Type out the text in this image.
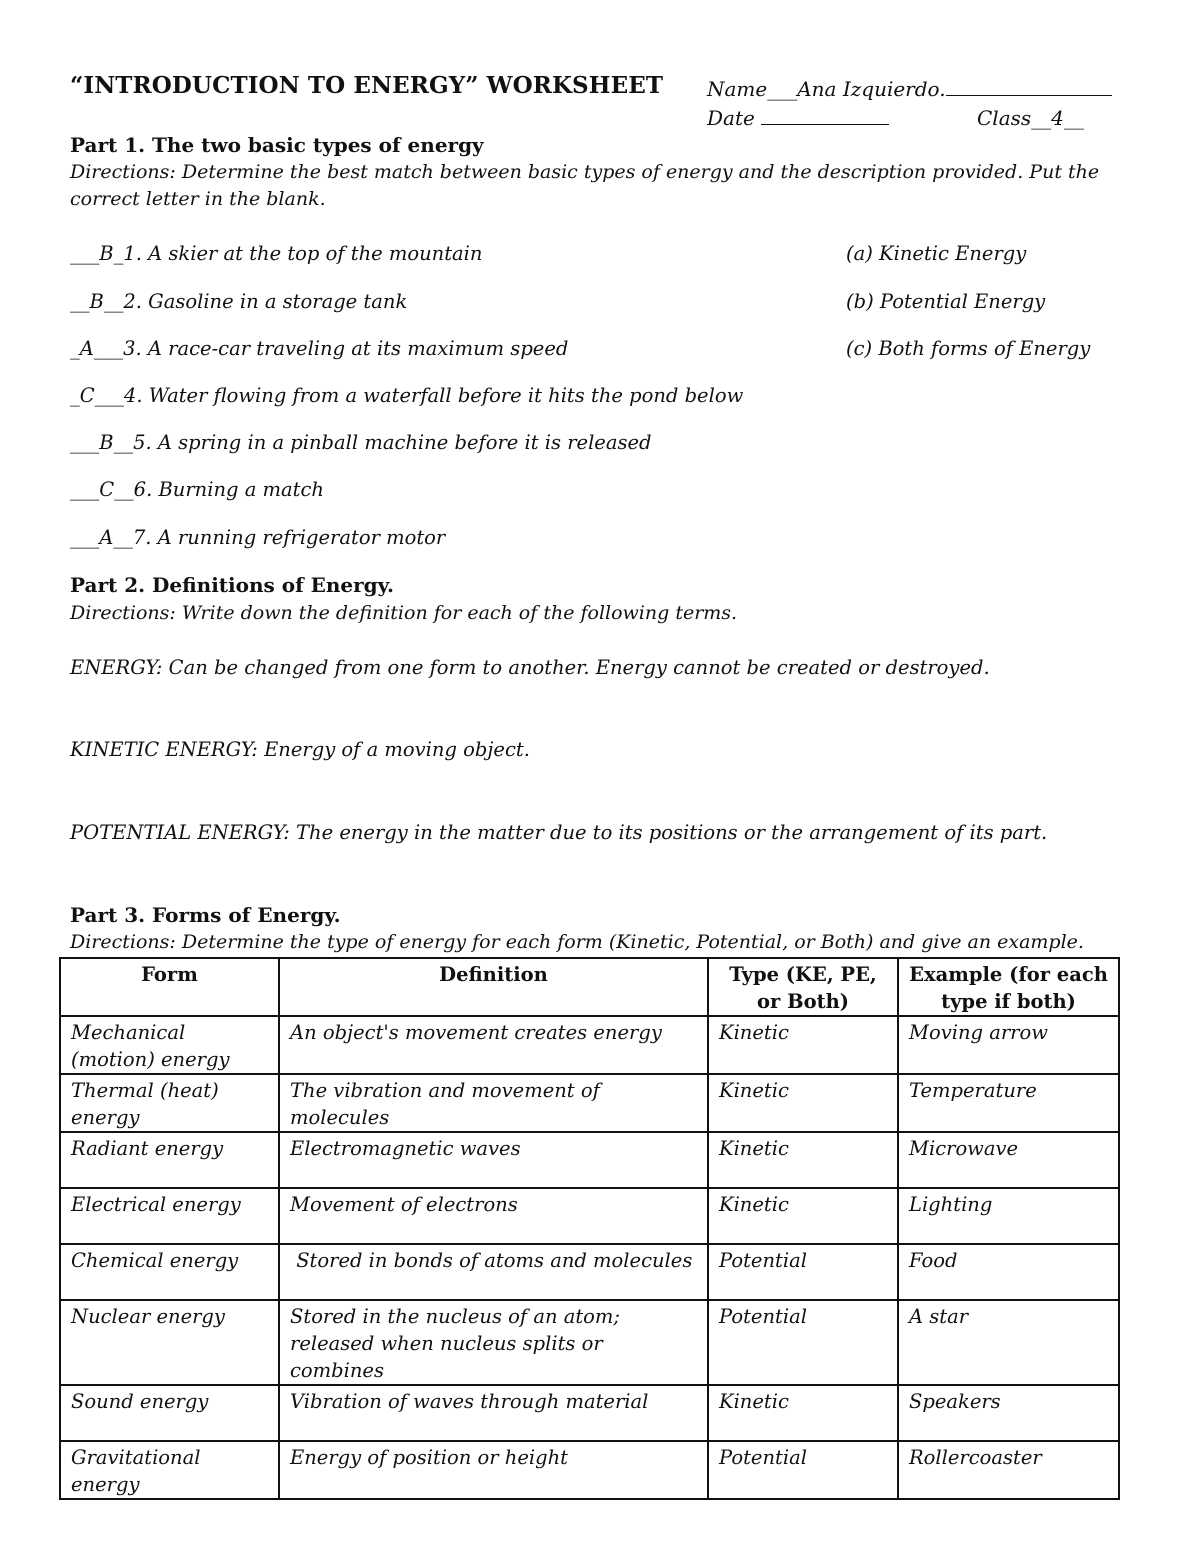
“INTRODUCTION TO ENERGY” WORKSHEET Name___Ana Izquierdo.
Date	Class__4__
Part 1. The two basic types of energy
Directions: Determine the best match between basic types of energy and the description provided. Put the
correct letter in the blank.
___B_1. A skier at the top of the mountain
__B__2. Gasoline in a storage tank
_A___3. A race-car traveling at its maximum speed
_C___4. Water flowing from a waterfall before it hits the pond below
___B__5. A spring in a pinball machine before it is released
___C__6. Burning a match
___A__7. A running refrigerator motor
(a) Kinetic Energy
(b) Potential Energy
(c) Both forms of Energy
Part 2. Definitions of Energy.
Directions: Write down the definition for each of the following terms.
ENERGY: Can be changed from one form to another. Energy cannot be created or destroyed.
KINETIC ENERGY: Energy of a moving object.
POTENTIAL ENERGY: The energy in the matter due to its positions or the arrangement of its part.
Part 3. Forms of Energy.
Directions: Determine the type of energy for each form (Kinetic, Potential, or Both) and give an example.
Form	Definition	Type (KE, PE, or Both)	Example (for each type if both)
Mechanical (motion) energy	An object's movement creates energy	Kinetic	Moving arrow
Thermal (heat) energy	The vibration and movement of molecules	Kinetic	Temperature
Radiant energy	Electromagnetic waves	Kinetic	Microwave
Electrical energy	Movement of electrons	Kinetic	Lighting
Chemical energy	Stored in bonds of atoms and molecules	Potential	Food
Nuclear energy	Stored in the nucleus of an atom; released when nucleus splits or combines	Potential	A star
Sound energy	Vibration of waves through material	Kinetic	Speakers
Gravitational energy	Energy of position or height	Potential	Rollercoaster
